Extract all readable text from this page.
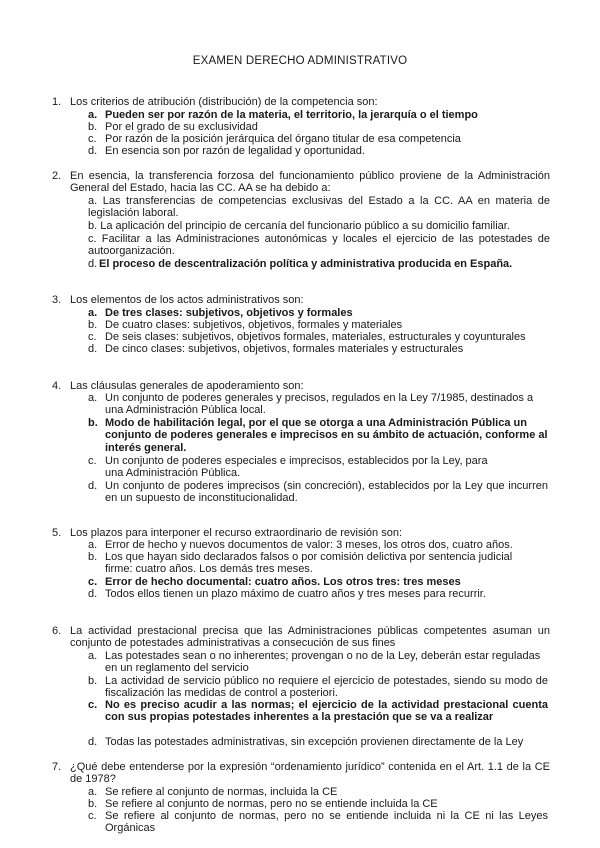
EXAMEN DERECHO ADMINISTRATIVO
1. Los criterios de atribución (distribución) de la competencia son:
a. Pueden ser por razón de la materia, el territorio, la jerarquía o el tiempo
b. Por el grado de su exclusividad
c. Por razón de la posición jerárquica del órgano titular de esa competencia
d. En esencia son por razón de legalidad y oportunidad.
2. En esencia, la transferencia forzosa del funcionamiento público proviene de la Administración General del Estado, hacia las CC. AA se ha debido a:
a. Las transferencias de competencias exclusivas del Estado a la CC. AA en materia de legislación laboral.
b. La aplicación del principio de cercanía del funcionario público a su domicilio familiar.
c. Facilitar a las Administraciones autonómicas y locales el ejercicio de las potestades de autoorganización.
d. El proceso de descentralización política y administrativa producida en España.
3. Los elementos de los actos administrativos son:
a. De tres clases: subjetivos, objetivos y formales
b. De cuatro clases: subjetivos, objetivos, formales y materiales
c. De seis clases: subjetivos, objetivos formales, materiales, estructurales y coyunturales
d. De cinco clases: subjetivos, objetivos, formales materiales y estructurales
4. Las cláusulas generales de apoderamiento son:
a. Un conjunto de poderes generales y precisos, regulados en la Ley 7/1985, destinados a una Administración Pública local.
b. Modo de habilitación legal, por el que se otorga a una Administración Pública un conjunto de poderes generales e imprecisos en su ámbito de actuación, conforme al interés general.
c. Un conjunto de poderes especiales e imprecisos, establecidos por la Ley, para una Administración Pública.
d. Un conjunto de poderes imprecisos (sin concreción), establecidos por la Ley que incurren en un supuesto de inconstitucionalidad.
5. Los plazos para interponer el recurso extraordinario de revisión son:
a. Error de hecho y nuevos documentos de valor: 3 meses, los otros dos, cuatro años.
b. Los que hayan sido declarados falsos o por comisión delictiva por sentencia judicial firme: cuatro años. Los demás tres meses.
c. Error de hecho documental: cuatro años. Los otros tres: tres meses
d. Todos ellos tienen un plazo máximo de cuatro años y tres meses para recurrir.
6. La actividad prestacional precisa que las Administraciones públicas competentes asuman un conjunto de potestades administrativas a consecución de sus fines
a. Las potestades sean o no inherentes; provengan o no de la Ley, deberán estar reguladas en un reglamento del servicio
b. La actividad de servicio público no requiere el ejercicio de potestades, siendo su modo de fiscalización las medidas de control a posteriori.
c. No es preciso acudir a las normas; el ejercicio de la actividad prestacional cuenta con sus propias potestades inherentes a la prestación que se va a realizar
d. Todas las potestades administrativas, sin excepción provienen directamente de la Ley
7. ¿Qué debe entenderse por la expresión “ordenamiento jurídico” contenida en el Art. 1.1 de la CE de 1978?
a. Se refiere al conjunto de normas, incluida la CE
b. Se refiere al conjunto de normas, pero no se entiende incluida la CE
c. Se refiere al conjunto de normas, pero no se entiende incluida ni la CE ni las Leyes Orgánicas
